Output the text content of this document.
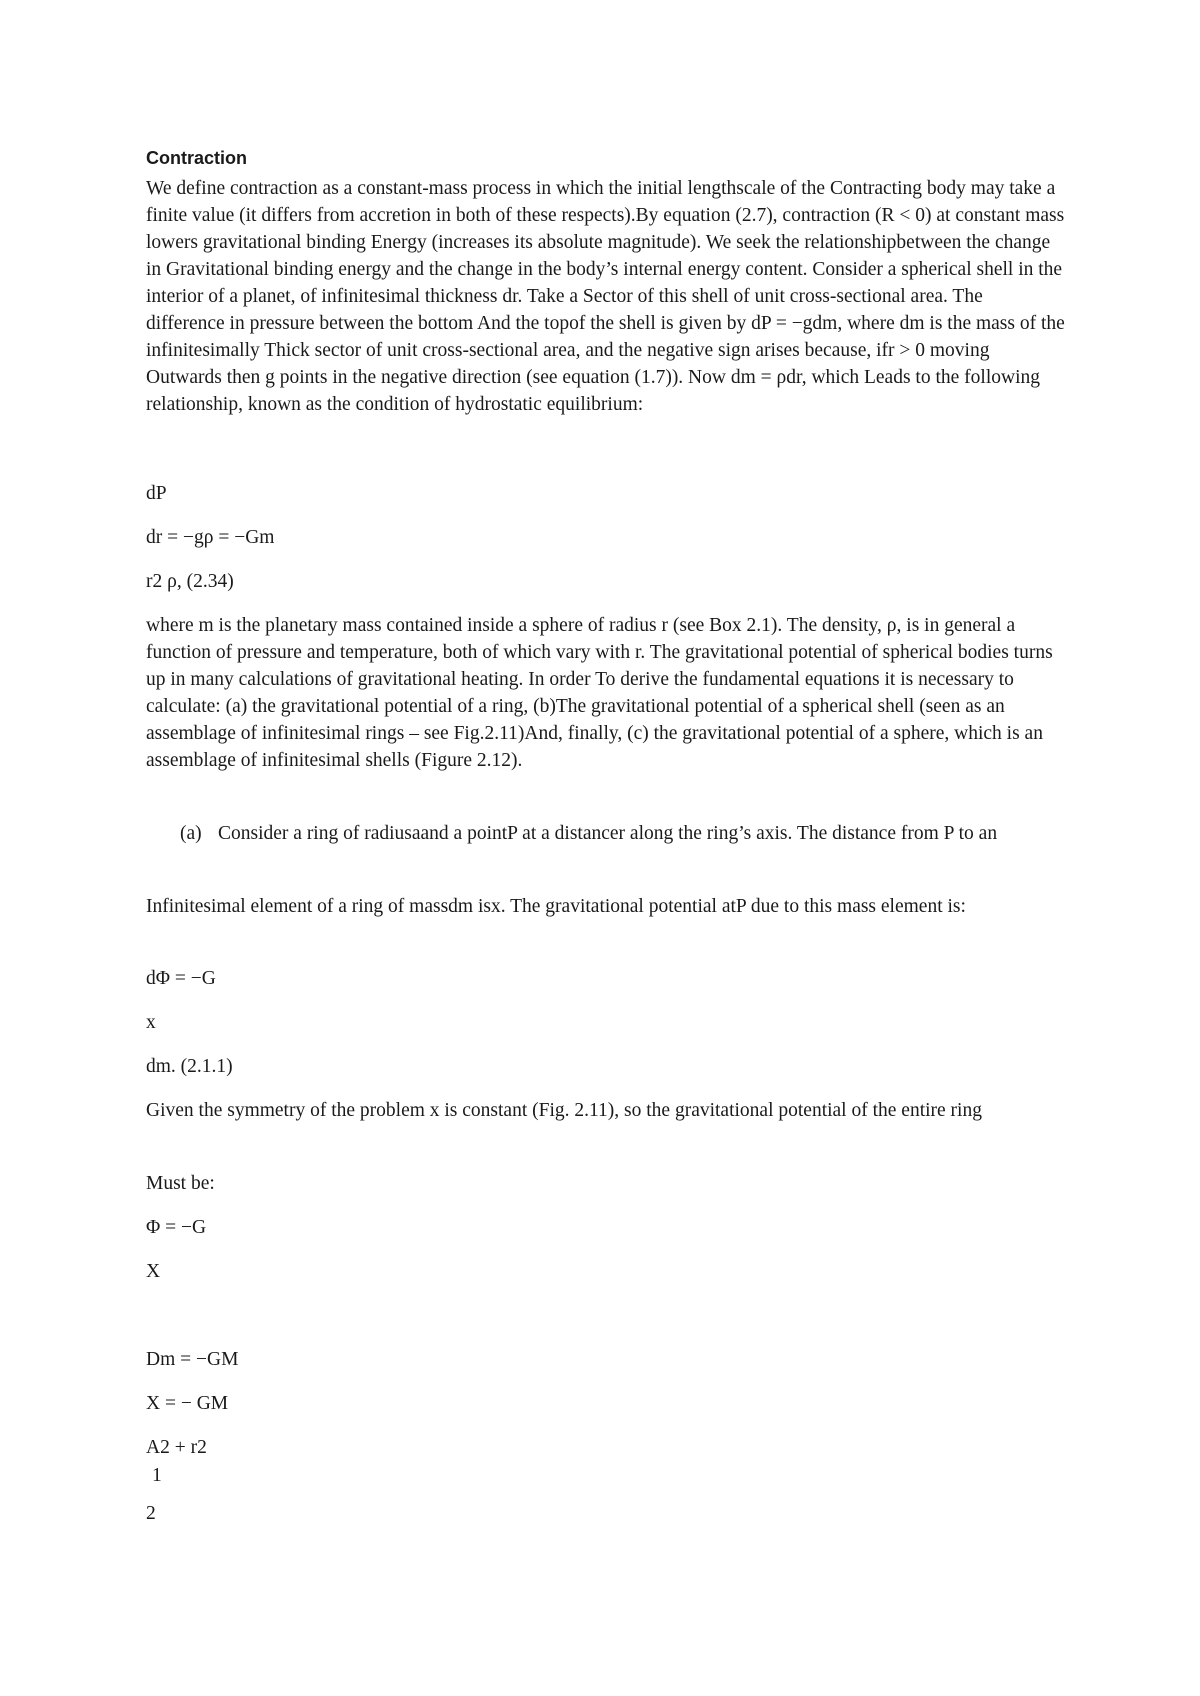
Contraction

We define contraction as a constant-mass process in which the initial lengthscale of the Contracting body may take a finite value (it differs from accretion in both of these respects).By equation (2.7), contraction (R < 0) at constant mass lowers gravitational binding Energy (increases its absolute magnitude). We seek the relationshipbetween the change in Gravitational binding energy and the change in the body’s internal energy content. Consider a spherical shell in the interior of a planet, of infinitesimal thickness dr. Take a Sector of this shell of unit cross-sectional area. The difference in pressure between the bottom And the topof the shell is given by dP = −gdm, where dm is the mass of the infinitesimally Thick sector of unit cross-sectional area, and the negative sign arises because, ifr > 0 moving Outwards then g points in the negative direction (see equation (1.7)). Now dm = ρdr, which Leads to the following relationship, known as the condition of hydrostatic equilibrium:

dP
dr = −gρ = −Gm
r2 ρ, (2.34)

where m is the planetary mass contained inside a sphere of radius r (see Box 2.1). The density, ρ, is in general a function of pressure and temperature, both of which vary with r. The gravitational potential of spherical bodies turns up in many calculations of gravitational heating. In order To derive the fundamental equations it is necessary to calculate: (a) the gravitational potential of a ring, (b)The gravitational potential of a spherical shell (seen as an assemblage of infinitesimal rings – see Fig.2.11)And, finally, (c) the gravitational potential of a sphere, which is an assemblage of infinitesimal shells (Figure 2.12).

(a) Consider a ring of radiusaand a pointP at a distancer along the ring’s axis. The distance from P to an

Infinitesimal element of a ring of massdm isx. The gravitational potential atP due to this mass element is:

dΦ = −G
x
dm. (2.1.1)

Given the symmetry of the problem x is constant (Fig. 2.11), so the gravitational potential of the entire ring

Must be:
Φ = −G
X
Dm = −GM
X = − GM
A2 + r2
1
2
